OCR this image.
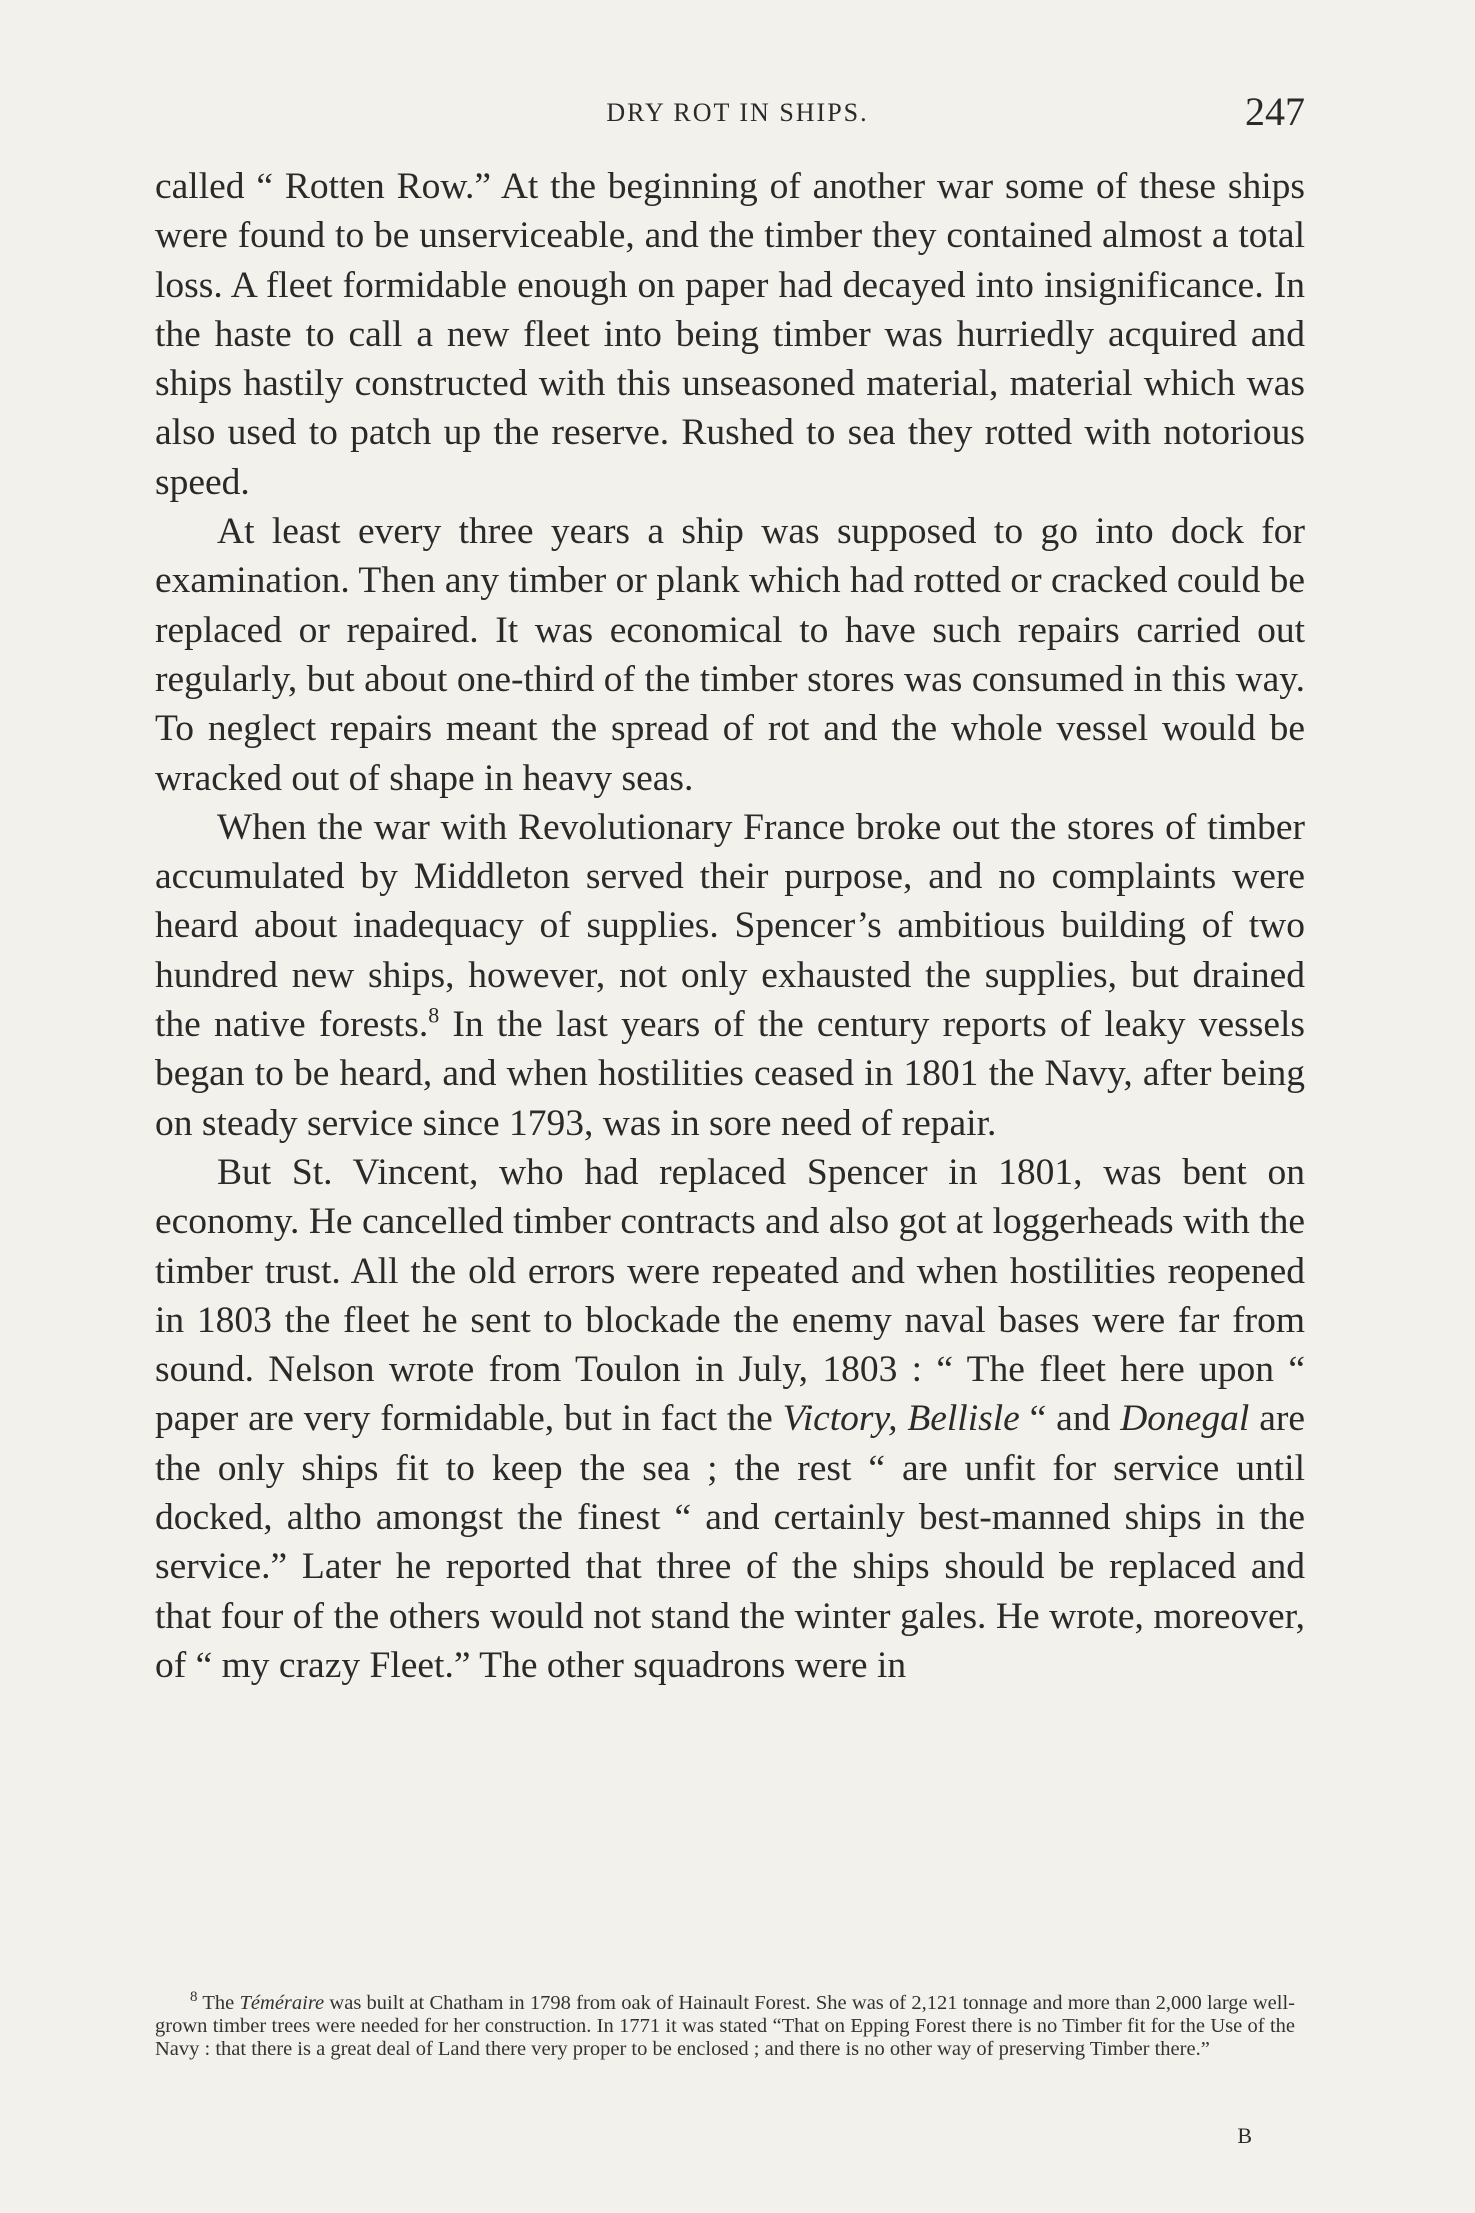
DRY ROT IN SHIPS.	247

called “ Rotten Row.” At the beginning of another war some of these ships were found to be unserviceable, and the timber they contained almost a total loss. A fleet formidable enough on paper had decayed into insignificance. In the haste to call a new fleet into being timber was hurriedly acquired and ships hastily constructed with this unseasoned material, material which was also used to patch up the reserve. Rushed to sea they rotted with notorious speed.

At least every three years a ship was supposed to go into dock for examination. Then any timber or plank which had rotted or cracked could be replaced or repaired. It was economical to have such repairs carried out regularly, but about one-third of the timber stores was consumed in this way. To neglect repairs meant the spread of rot and the whole vessel would be wracked out of shape in heavy seas.

When the war with Revolutionary France broke out the stores of timber accumulated by Middleton served their purpose, and no complaints were heard about inadequacy of supplies. Spencer’s ambitious building of two hundred new ships, however, not only exhausted the supplies, but drained the native forests.$^8$ In the last years of the century reports of leaky vessels began to be heard, and when hostilities ceased in 1801 the Navy, after being on steady service since 1793, was in sore need of repair.

But St. Vincent, who had replaced Spencer in 1801, was bent on economy. He cancelled timber contracts and also got at loggerheads with the timber trust. All the old errors were repeated and when hostilities reopened in 1803 the fleet he sent to blockade the enemy naval bases were far from sound. Nelson wrote from Toulon in July, 1803 : “ The fleet here upon “ paper are very formidable, but in fact the Victory, Bellisle “ and Donegal are the only ships fit to keep the sea ; the rest “ are unfit for service until docked, altho amongst the finest “ and certainly best-manned ships in the service.” Later he reported that three of the ships should be replaced and that four of the others would not stand the winter gales. He wrote, moreover, of “ my crazy Fleet.” The other squadrons were in

$^8$ The Téméraire was built at Chatham in 1798 from oak of Hainault Forest. She was of 2,121 tonnage and more than 2,000 large well-grown timber trees were needed for her construction. In 1771 it was stated “That on Epping Forest there is no Timber fit for the Use of the Navy : that there is a great deal of Land there very proper to be enclosed ; and there is no other way of preserving Timber there.”

B
